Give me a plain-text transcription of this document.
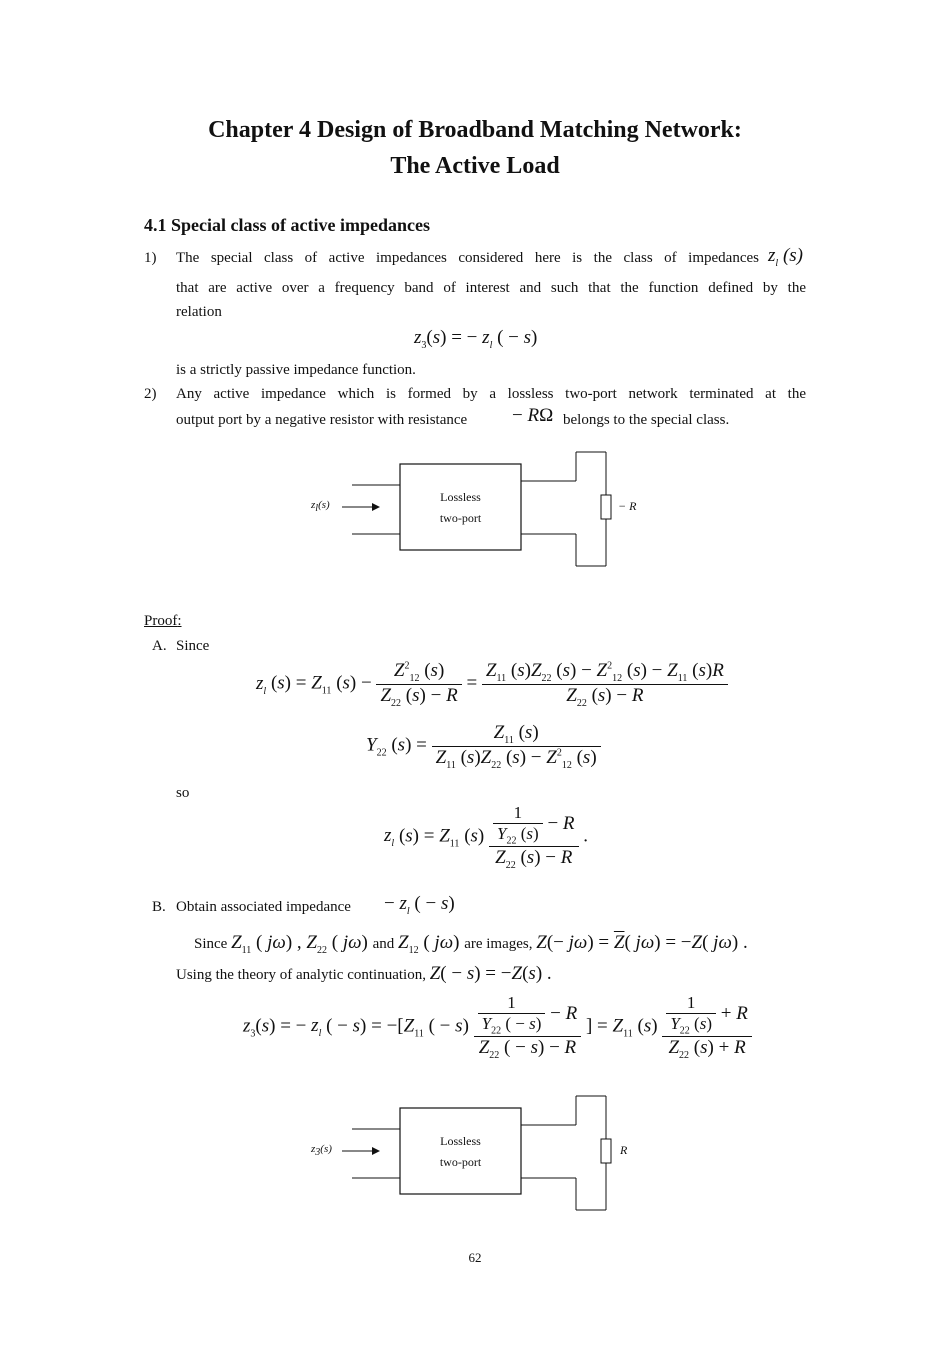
Chapter 4 Design of Broadband Matching Network:
The Active Load
4.1 Special class of active impedances
1) The special class of active impedances considered here is the class of impedances $z_l$ (s)
that are active over a frequency band of interest and such that the function defined by the
relation
$z_3(s)$ = − $z_l$ ( − s)
is a strictly passive impedance function.
2) Any active impedance which is formed by a lossless two-port network terminated at the
output port by a negative resistor with resistance − RΩ belongs to the special class.
$z_l(s)$
Lossless
two-port
− R
Proof:
A. Since
$z_l$ $(s) = Z_{11}$ $(s) - \frac{Z^2_{12} (s)}{Z_{22} (s) - R} = \frac{Z_{11} (s)Z_{22} (s) - Z^2_{12} (s) - Z_{11} (s)R}{Z_{22} (s) - R}$
$Y_{22}$ $(s) = \frac{Z_{11} (s)}{Z_{11} (s)Z_{22} (s) - Z^2_{12} (s)}$
so
$z_l$ $(s) = Z_{11}$ $(s) \frac{\frac{1}{Y_{22} (s)} - R}{Z_{22} (s) - R}$ .
B. Obtain associated impedance − $z_l$ ( − s)
Since $Z_{11}$ ( jω) , $Z_{22}$ ( jω) and $Z_{12}$ ( jω) are images, $Z(- j\omega) = \overline{Z}$( jω) = −Z( jω) .
Using the theory of analytic continuation, Z( − s) = −Z(s) .
$z_3(s)$ = − $z_l$ ( − $s) = -[Z_{11}$ ( − $s) \frac{\frac{1}{Y_{22} ( - s)} - R}{Z_{22} ( - s) - R}$ ] = $Z_{11}$ $(s) \frac{\frac{1}{Y_{22} (s)} + R}{Z_{22} (s) + R}$
$z_3(s)$
Lossless
two-port
R
62
